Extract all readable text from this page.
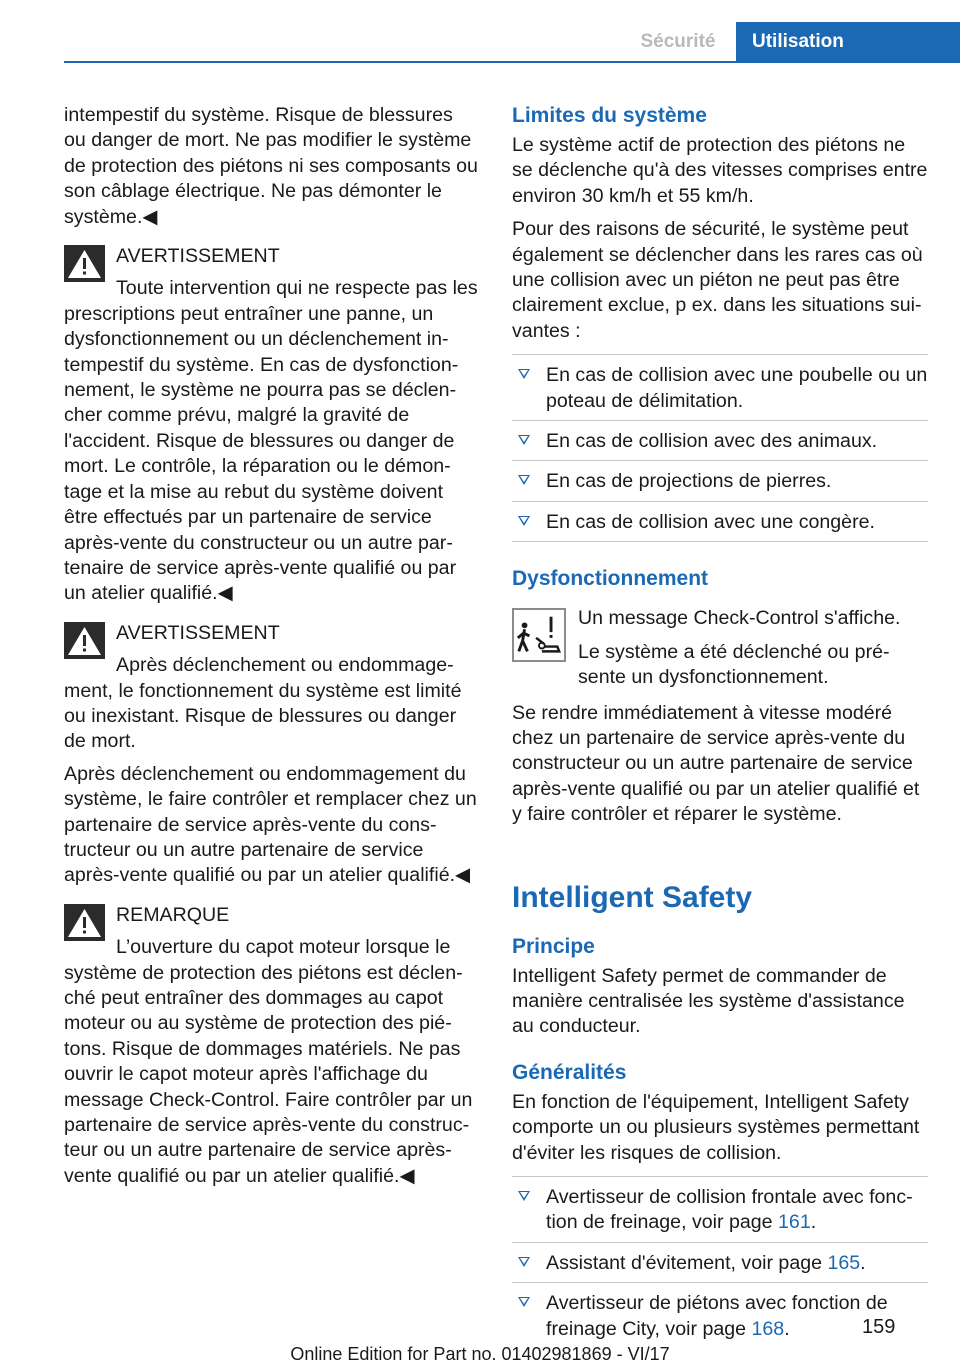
Sécurité	Utilisation

intempestif du système. Risque de blessures ou danger de mort. Ne pas modifier le système de protection des piétons ni ses composants ou son câblage électrique. Ne pas démonter le système.◀

AVERTISSEMENT
Toute intervention qui ne respecte pas les prescriptions peut entraîner une panne, un dysfonctionnement ou un déclenchement intempestif du système. En cas de dysfonctionnement, le système ne pourra pas se déclencher comme prévu, malgré la gravité de l'accident. Risque de blessures ou danger de mort. Le contrôle, la réparation ou le démontage et la mise au rebut du système doivent être effectués par un partenaire de service après-vente du constructeur ou un autre partenaire de service après-vente qualifié ou par un atelier qualifié.◀
AVERTISSEMENT
Après déclenchement ou endommagement, le fonctionnement du système est limité ou inexistant. Risque de blessures ou danger de mort.
Après déclenchement ou endommagement du système, le faire contrôler et remplacer chez un partenaire de service après-vente du constructeur ou un autre partenaire de service après-vente qualifié ou par un atelier qualifié.◀
REMARQUE
L’ouverture du capot moteur lorsque le système de protection des piétons est déclenché peut entraîner des dommages au capot moteur ou au système de protection des piétons. Risque de dommages matériels. Ne pas ouvrir le capot moteur après l'affichage du message Check-Control. Faire contrôler par un partenaire de service après-vente du constructeur ou un autre partenaire de service après-vente qualifié ou par un atelier qualifié.◀
Limites du système

Le système actif de protection des piétons ne se déclenche qu'à des vitesses comprises entre environ 30 km/h et 55 km/h.

Pour des raisons de sécurité, le système peut également se déclencher dans les rares cas où une collision avec un piéton ne peut pas être clairement exclue, p ex. dans les situations suivantes :

En cas de collision avec une poubelle ou un poteau de délimitation.
En cas de collision avec des animaux.
En cas de projections de pierres.
En cas de collision avec une congère.
Dysfonctionnement

Un message Check-Control s'affiche.

Le système a été déclenché ou présente un dysfonctionnement.

Se rendre immédiatement à vitesse modéré chez un partenaire de service après-vente du constructeur ou un autre partenaire de service après-vente qualifié ou par un atelier qualifié et y faire contrôler et réparer le système.

Intelligent Safety
Principe

Intelligent Safety permet de commander de manière centralisée les système d'assistance au conducteur.

Généralités

En fonction de l'équipement, Intelligent Safety comporte un ou plusieurs systèmes permettant d'éviter les risques de collision.

Avertisseur de collision frontale avec fonction de freinage, voir page 161.
Assistant d'évitement, voir page 165.
Avertisseur de piétons avec fonction de freinage City, voir page 168.	159
Online Edition for Part no. 01402981869 - VI/17
